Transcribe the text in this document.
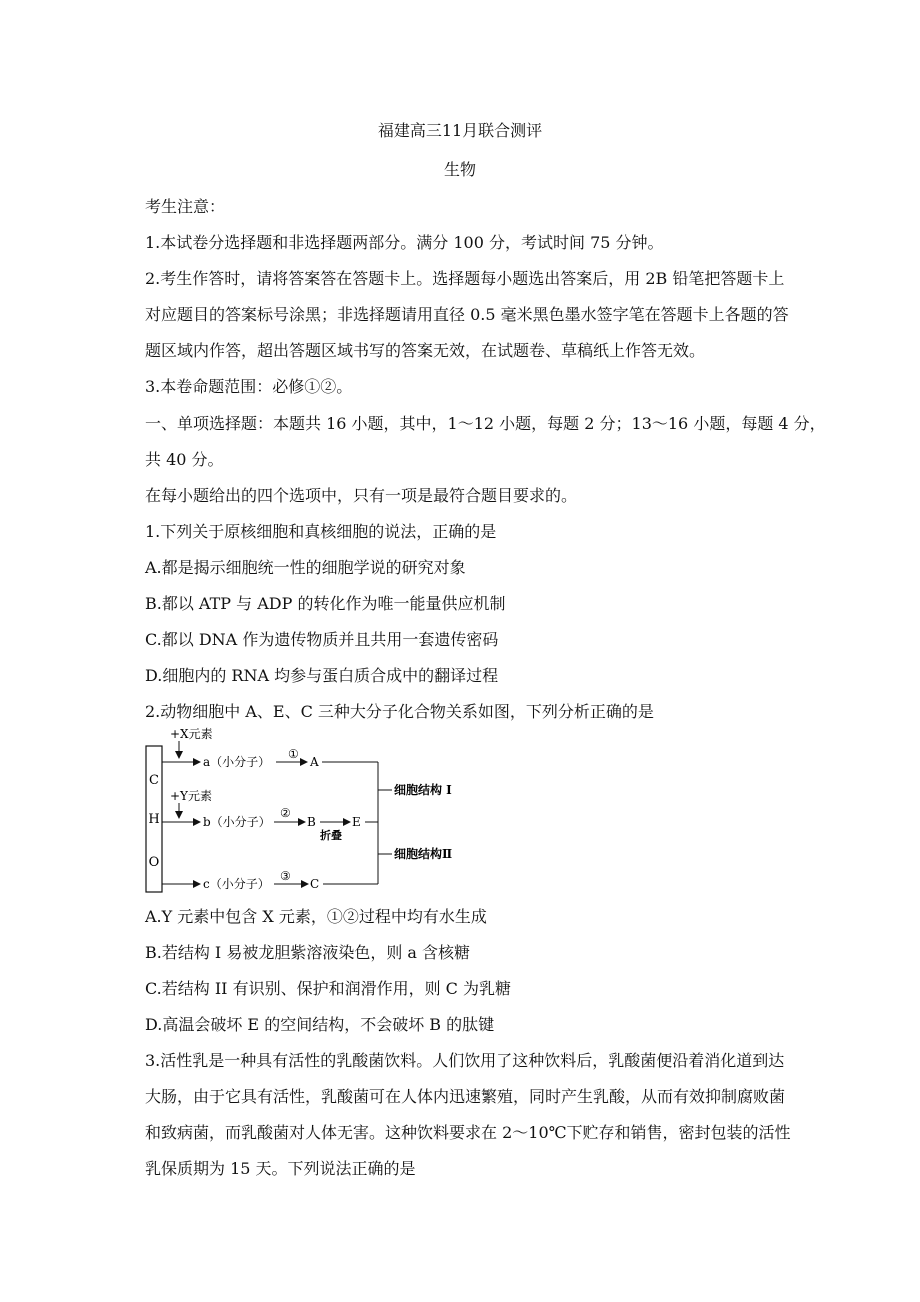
福建高三11月联合测评
生物
考生注意：
1.本试卷分选择题和非选择题两部分。满分 100 分，考试时间 75 分钟。
2.考生作答时，请将答案答在答题卡上。选择题每小题选出答案后，用 2B 铅笔把答题卡上
对应题目的答案标号涂黑；非选择题请用直径 0.5 毫米黑色墨水签字笔在答题卡上各题的答
题区域内作答，超出答题区域书写的答案无效，在试题卷、草稿纸上作答无效。
3.本卷命题范围：必修①②。
一、单项选择题：本题共 16 小题，其中，1～12 小题，每题 2 分；13～16 小题，每题 4 分，
共 40 分。
在每小题给出的四个选项中，只有一项是最符合题目要求的。
1.下列关于原核细胞和真核细胞的说法，正确的是
A.都是揭示细胞统一性的细胞学说的研究对象
B.都以 ATP 与 ADP 的转化作为唯一能量供应机制
C.都以 DNA 作为遗传物质并且共用一套遗传密码
D.细胞内的 RNA 均参与蛋白质合成中的翻译过程
2.动物细胞中 A、E、C 三种大分子化合物关系如图，下列分析正确的是
C
H
O
+X元素
a（小分子）
①
A
+Y元素
b（小分子）
②
B
折叠
E
c（小分子）
③
C
细胞结构 I
细胞结构Ⅱ
A.Y 元素中包含 X 元素，①②过程中均有水生成
B.若结构 I 易被龙胆紫溶液染色，则 a 含核糖
C.若结构 II 有识别、保护和润滑作用，则 C 为乳糖
D.高温会破坏 E 的空间结构，不会破坏 B 的肽键
3.活性乳是一种具有活性的乳酸菌饮料。人们饮用了这种饮料后，乳酸菌便沿着消化道到达
大肠，由于它具有活性，乳酸菌可在人体内迅速繁殖，同时产生乳酸，从而有效抑制腐败菌
和致病菌，而乳酸菌对人体无害。这种饮料要求在 2～10℃下贮存和销售，密封包装的活性
乳保质期为 15 天。下列说法正确的是
